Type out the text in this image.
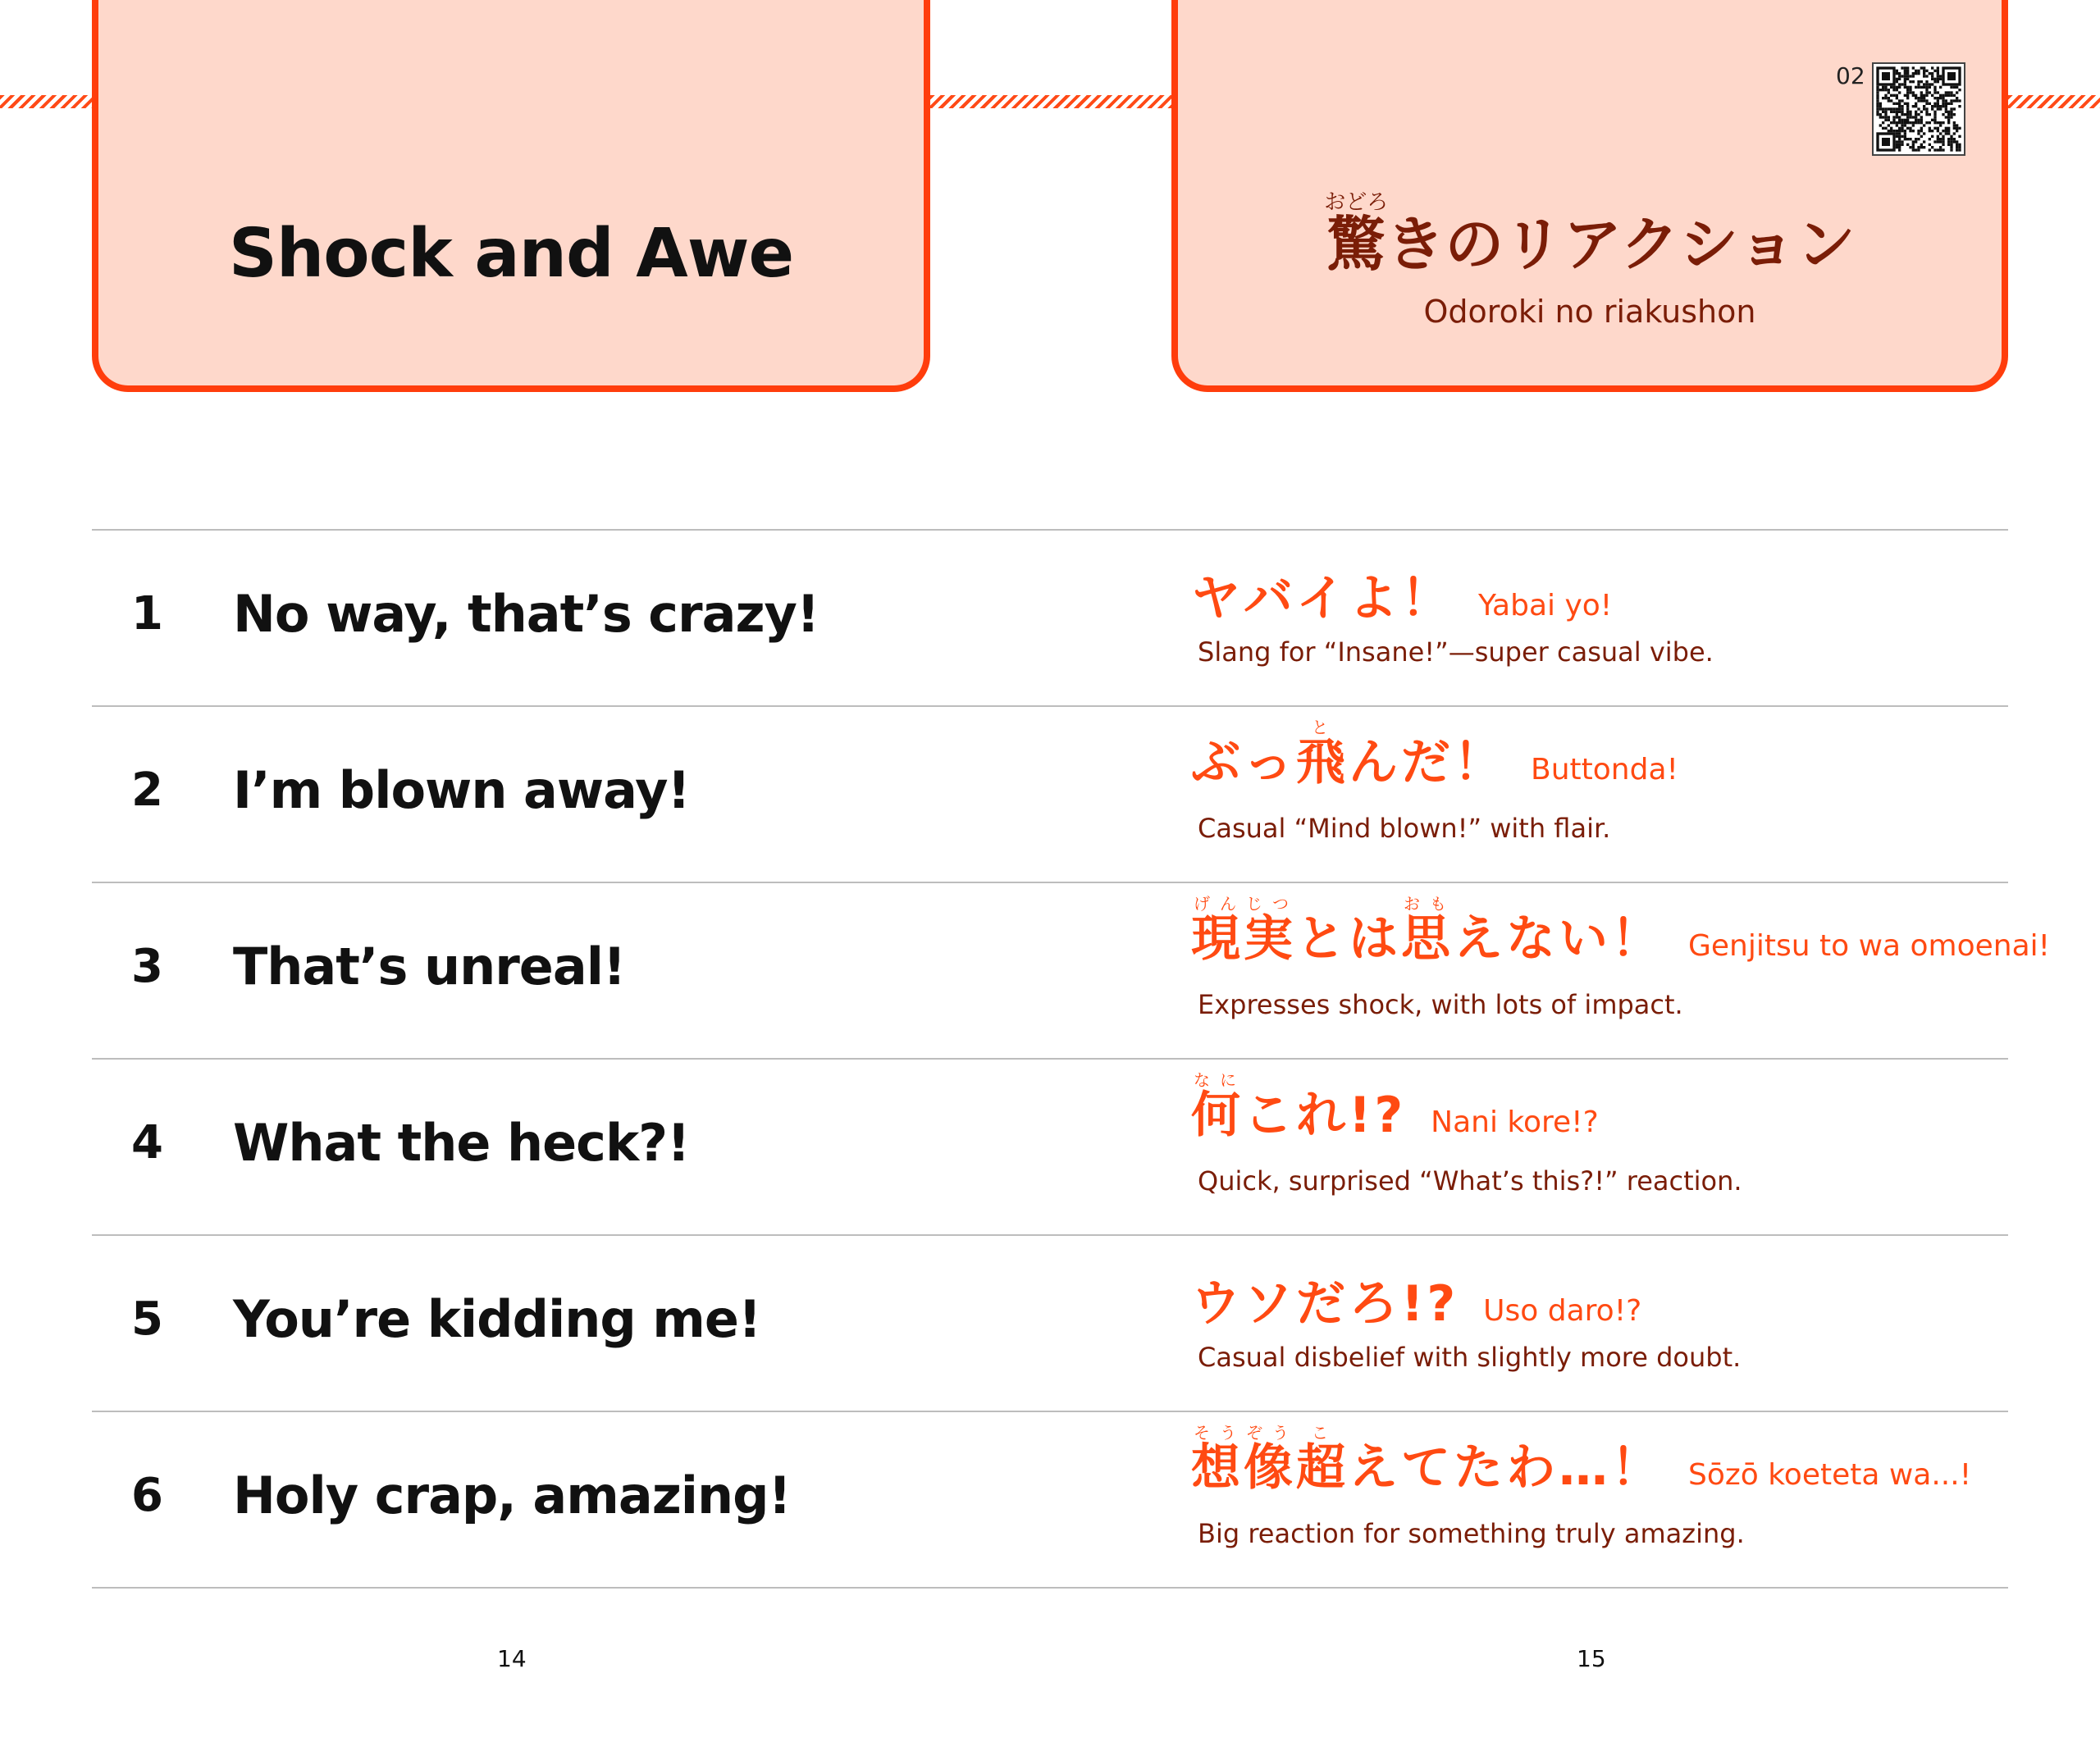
Shock and Awe
02
驚おどろきのリアクション
Odoroki no riakushon
1 No way, that’s crazy!	ヤバイよ！ Yabai yo!
Slang for “Insane!”—super casual vibe.
2 I’m blown away!	ぶっ飛とんだ！ Buttonda!
Casual “Mind blown!” with flair.
3 That’s unreal!	現実げんじつとは思おもえない！ Genjitsu to wa omoenai!
Expresses shock, with lots of impact.
4 What the heck?!	何なにこれ!? Nani kore!?
Quick, surprised “What’s this?!” reaction.
5 You’re kidding me!	ウソだろ!? Uso daro!?
Casual disbelief with slightly more doubt.
6 Holy crap, amazing!	想像そうぞう超こえてたわ…！ Sōzō koeteta wa...!
Big reaction for something truly amazing.
14	15
